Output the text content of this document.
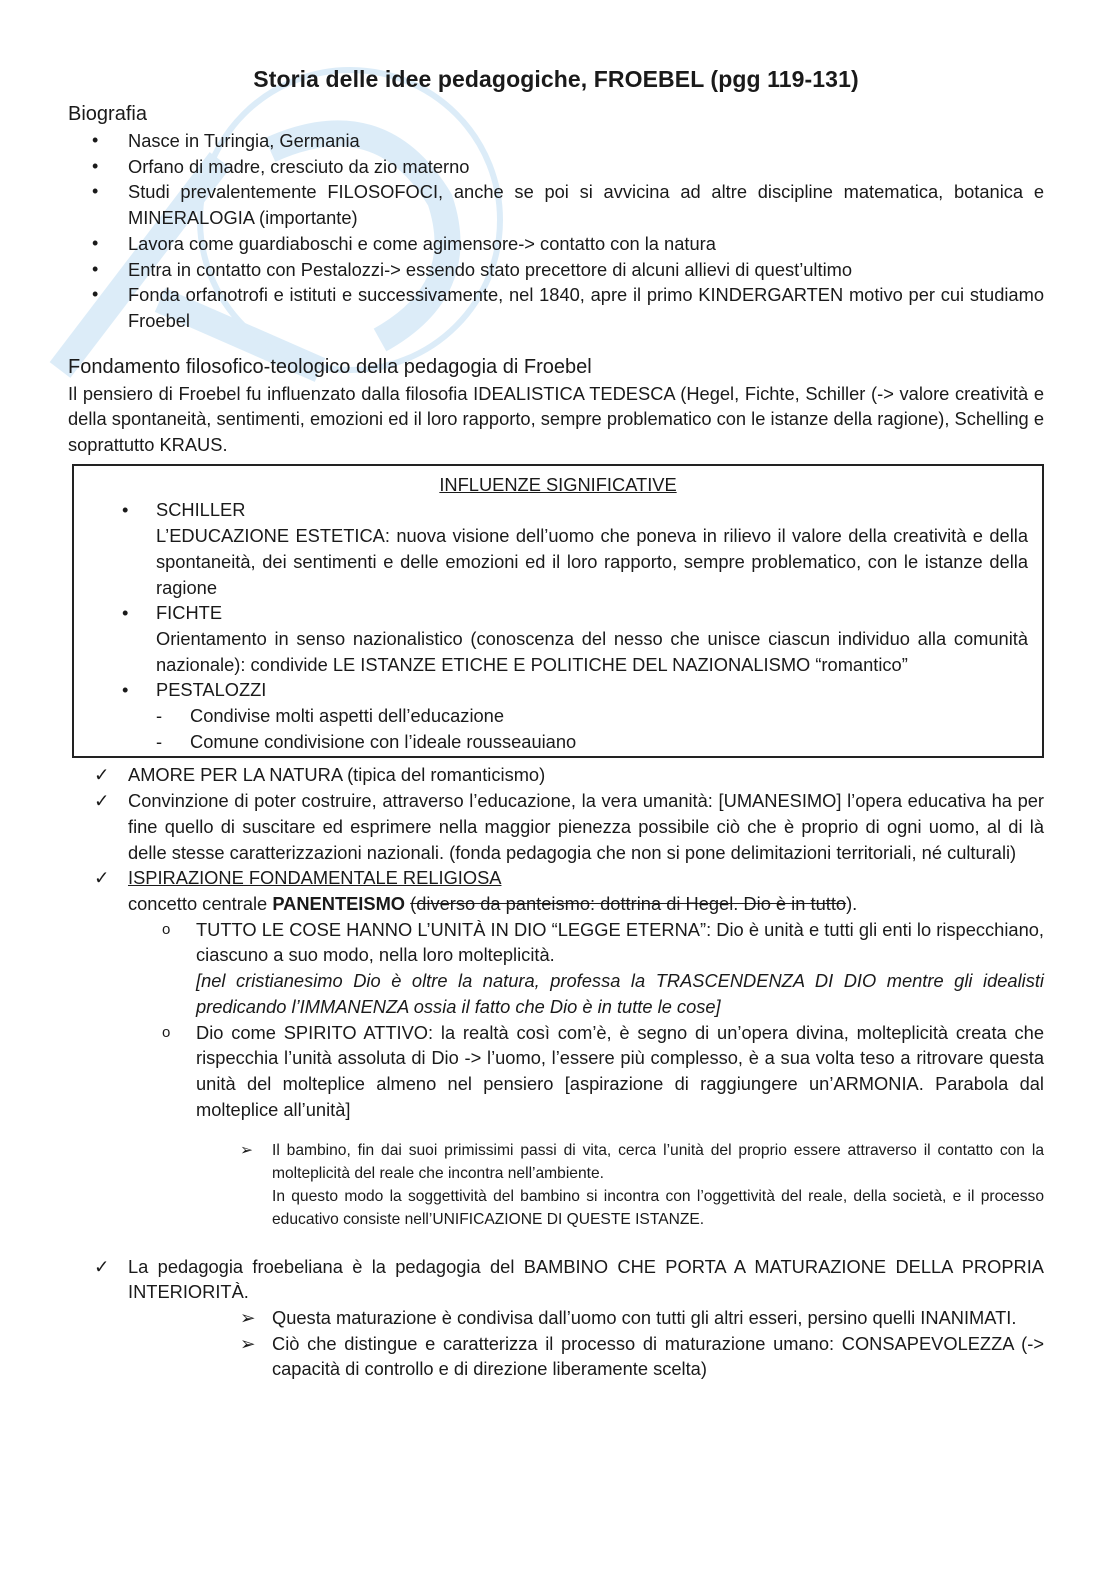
Storia delle idee pedagogiche, FROEBEL (pgg 119-131)
Biografia
• Nasce in Turingia, Germania
• Orfano di madre, cresciuto da zio materno
• Studi prevalentemente FILOSOFOCI, anche se poi si avvicina ad altre discipline matematica, botanica e MINERALOGIA (importante)
• Lavora come guardiaboschi e come agimensore-> contatto con la natura
• Entra in contatto con Pestalozzi-> essendo stato precettore di alcuni allievi di quest’ultimo
• Fonda orfanotrofi e istituti e successivamente, nel 1840, apre il primo KINDERGARTEN motivo per cui studiamo Froebel
Fondamento filosofico-teologico della pedagogia di Froebel
Il pensiero di Froebel fu influenzato dalla filosofia IDEALISTICA TEDESCA (Hegel, Fichte, Schiller (-> valore creatività e della spontaneità, sentimenti, emozioni ed il loro rapporto, sempre problematico con le istanze della ragione), Schelling e soprattutto KRAUS.
INFLUENZE SIGNIFICATIVE
• SCHILLER
L’EDUCAZIONE ESTETICA: nuova visione dell’uomo che poneva in rilievo il valore della creatività e della spontaneità, dei sentimenti e delle emozioni ed il loro rapporto, sempre problematico, con le istanze della ragione
• FICHTE
Orientamento in senso nazionalistico (conoscenza del nesso che unisce ciascun individuo alla comunità nazionale): condivide LE ISTANZE ETICHE E POLITICHE DEL NAZIONALISMO “romantico”
• PESTALOZZI
- Condivise molti aspetti dell’educazione
- Comune condivisione con l’ideale rousseauiano
✓ AMORE PER LA NATURA (tipica del romanticismo)
✓ Convinzione di poter costruire, attraverso l’educazione, la vera umanità: [UMANESIMO] l’opera educativa ha per fine quello di suscitare ed esprimere nella maggior pienezza possibile ciò che è proprio di ogni uomo, al di là delle stesse caratterizzazioni nazionali. (fonda pedagogia che non si pone delimitazioni territoriali, né culturali)
✓ ISPIRAZIONE FONDAMENTALE RELIGIOSA
concetto centrale PANENTEISMO (diverso da panteismo: dottrina di Hegel. Dio è in tutto).
o TUTTO LE COSE HANNO L’UNITÀ IN DIO “LEGGE ETERNA”: Dio è unità e tutti gli enti lo rispecchiano, ciascuno a suo modo, nella loro molteplicità.
[nel cristianesimo Dio è oltre la natura, professa la TRASCENDENZA DI DIO mentre gli idealisti predicando l’IMMANENZA ossia il fatto che Dio è in tutte le cose]
o Dio come SPIRITO ATTIVO: la realtà così com’è, è segno di un’opera divina, molteplicità creata che rispecchia l’unità assoluta di Dio -> l’uomo, l’essere più complesso, è a sua volta teso a ritrovare questa unità del molteplice almeno nel pensiero [aspirazione di raggiungere un’ARMONIA. Parabola dal molteplice all’unità]
➢ Il bambino, fin dai suoi primissimi passi di vita, cerca l’unità del proprio essere attraverso il contatto con la molteplicità del reale che incontra nell’ambiente.
In questo modo la soggettività del bambino si incontra con l’oggettività del reale, della società, e il processo educativo consiste nell’UNIFICAZIONE DI QUESTE ISTANZE.
✓ La pedagogia froebeliana è la pedagogia del BAMBINO CHE PORTA A MATURAZIONE DELLA PROPRIA INTERIORITÀ.
➢ Questa maturazione è condivisa dall’uomo con tutti gli altri esseri, persino quelli INANIMATI.
➢ Ciò che distingue e caratterizza il processo di maturazione umano: CONSAPEVOLEZZA (-> capacità di controllo e di direzione liberamente scelta)
